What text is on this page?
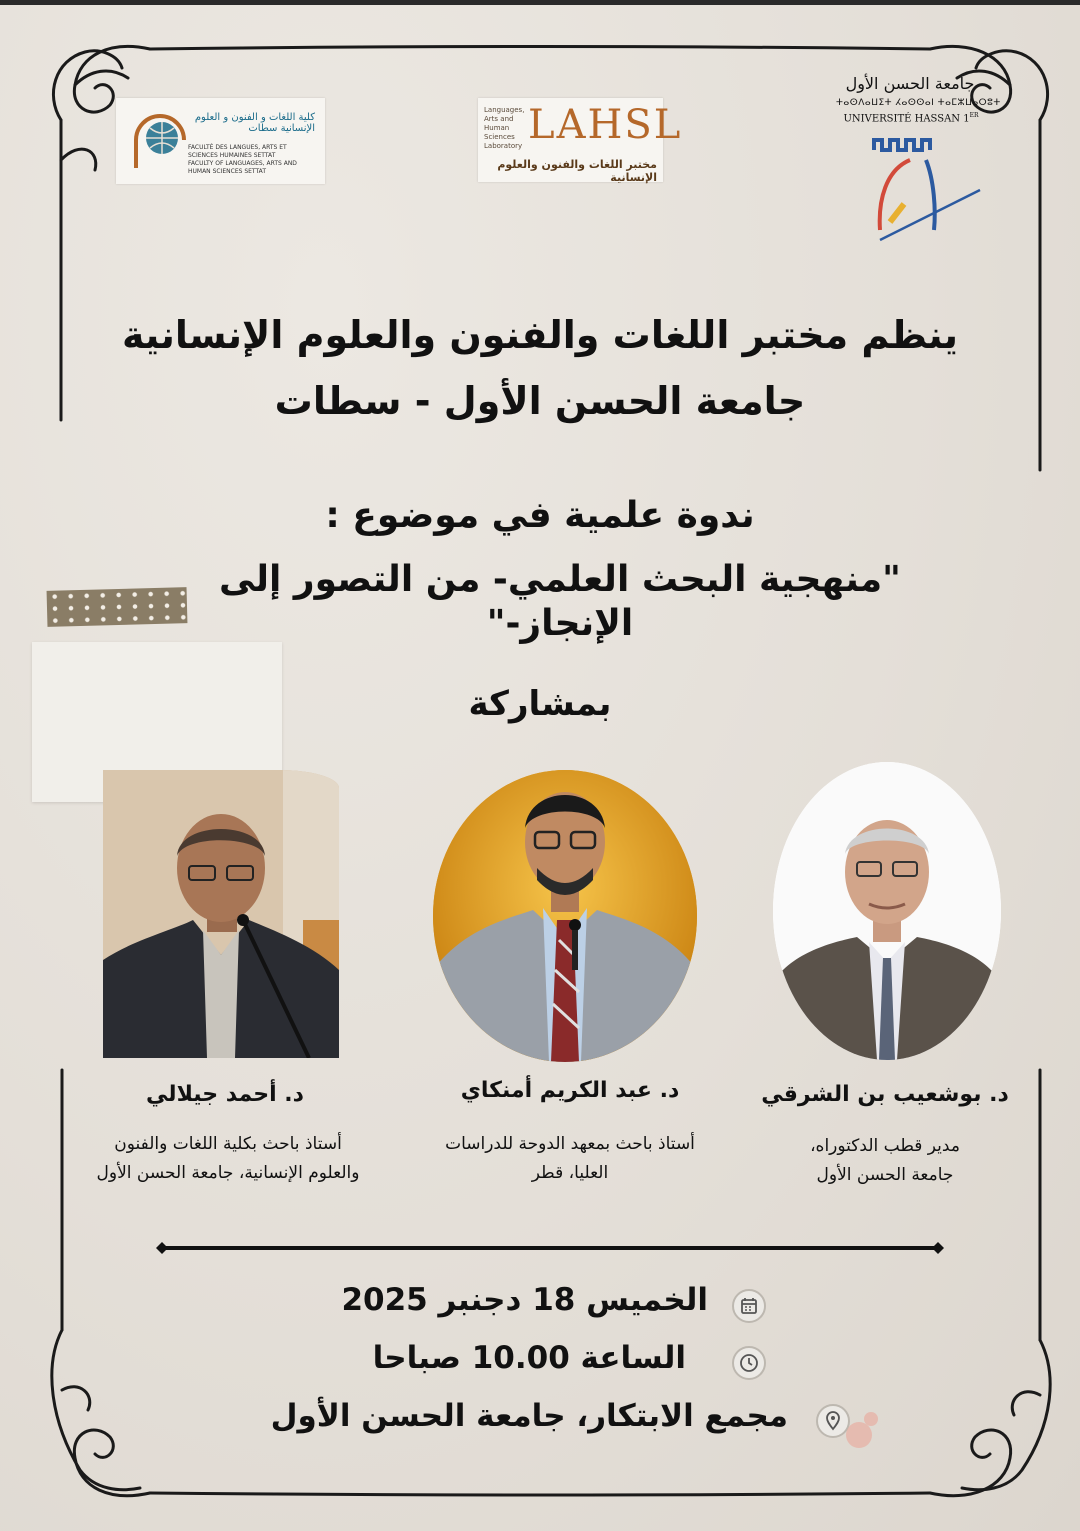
كلية اللغات و الفنون و العلوم الإنسانية سطات
FACULTÉ DES LANGUES, ARTS ET SCIENCES HUMAINES SETTAT
FACULTY OF LANGUAGES, ARTS AND HUMAN SCIENCES SETTAT
Languages,
Arts and
Human
Sciences
Laboratory LAHSL
مختبر اللغات والفنون والعلوم الإنسانية
جامعة الحسن الأول
ⵜⴰⵙⴷⴰⵡⵉⵜ ⵃⴰⵙⵙⴰⵏ ⵜⴰⵎⵣⵡⴰⵔⵓⵜ
UNIVERSITÉ HASSAN 1ER
ينظم مختبر اللغات والفنون والعلوم الإنسانية
جامعة الحسن الأول - سطات
ندوة علمية في موضوع :
"منهجية البحث العلمي- من التصور إلى الإنجاز-"
بمشاركة
د. بوشعيب بن الشرقي
د. عبد الكريم أمنكاي
د. أحمد جيلالي
مدير قطب الدكتوراه،
جامعة الحسن الأول
أستاذ باحث بمعهد الدوحة للدراسات
العليا، قطر
أستاذ باحث بكلية اللغات والفنون
والعلوم الإنسانية، جامعة الحسن الأول
الخميس 18 دجنبر 2025
الساعة 10.00 صباحا
مجمع الابتكار، جامعة الحسن الأول
